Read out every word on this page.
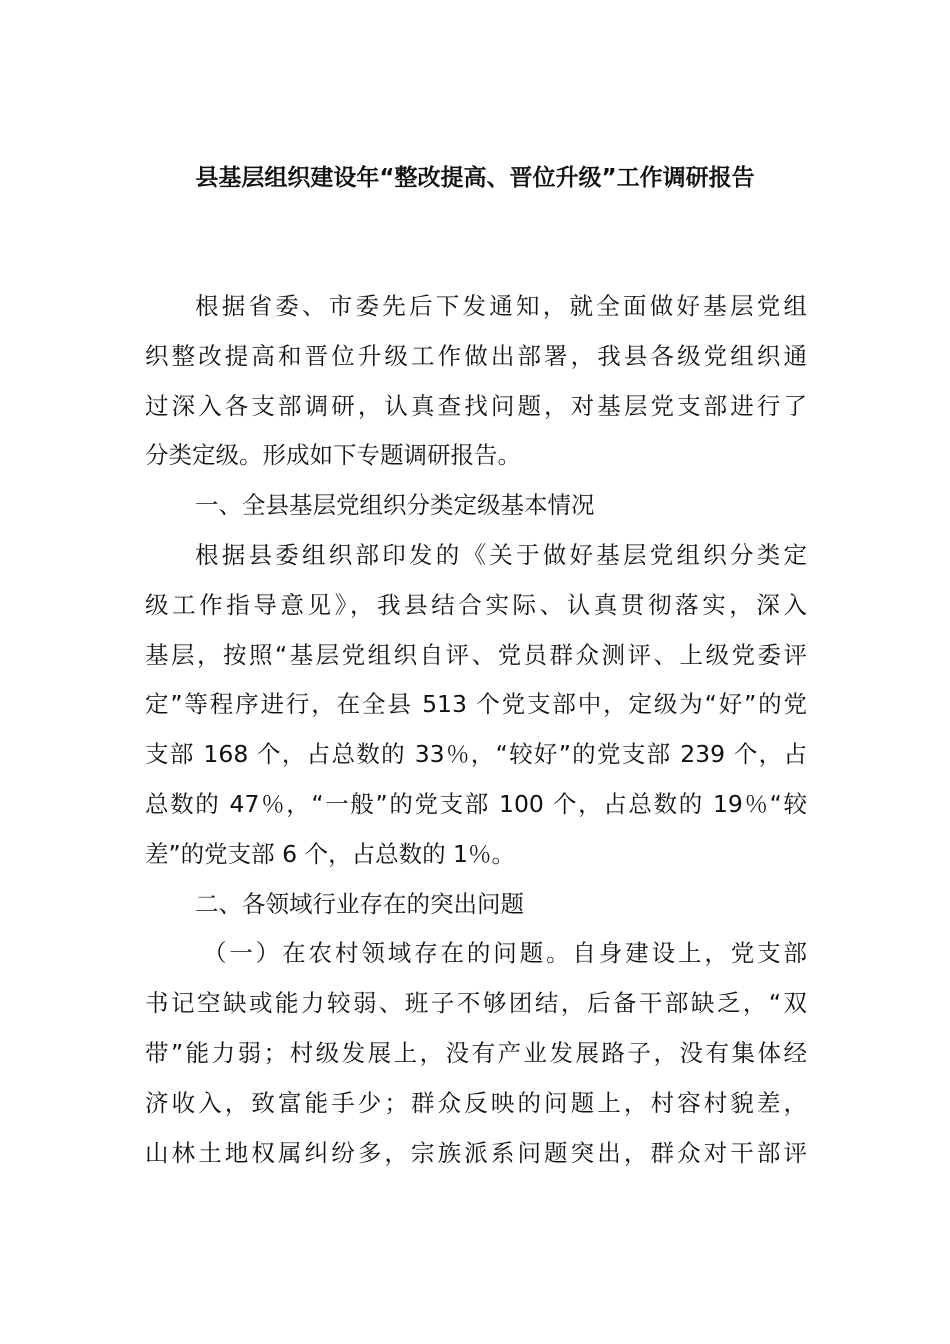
县基层组织建设年“整改提高、晋位升级”工作调研报告
根据省委、市委先后下发通知，就全面做好基层党组
织整改提高和晋位升级工作做出部署，我县各级党组织通
过深入各支部调研，认真查找问题，对基层党支部进行了
分类定级。形成如下专题调研报告。
一、全县基层党组织分类定级基本情况
根据县委组织部印发的《关于做好基层党组织分类定
级工作指导意见》，我县结合实际、认真贯彻落实，深入
基层，按照“基层党组织自评、党员群众测评、上级党委评
定”等程序进行，在全县 513 个党支部中，定级为“好”的党
支部 168 个，占总数的 33％，“较好”的党支部 239 个，占
总数的 47％，“一般”的党支部 100 个，占总数的 19％“较
差”的党支部 6 个，占总数的 1％。
二、各领域行业存在的突出问题
（一）在农村领域存在的问题。自身建设上，党支部
书记空缺或能力较弱、班子不够团结，后备干部缺乏，“双
带”能力弱；村级发展上，没有产业发展路子，没有集体经
济收入，致富能手少；群众反映的问题上，村容村貌差，
山林土地权属纠纷多，宗族派系问题突出，群众对干部评
